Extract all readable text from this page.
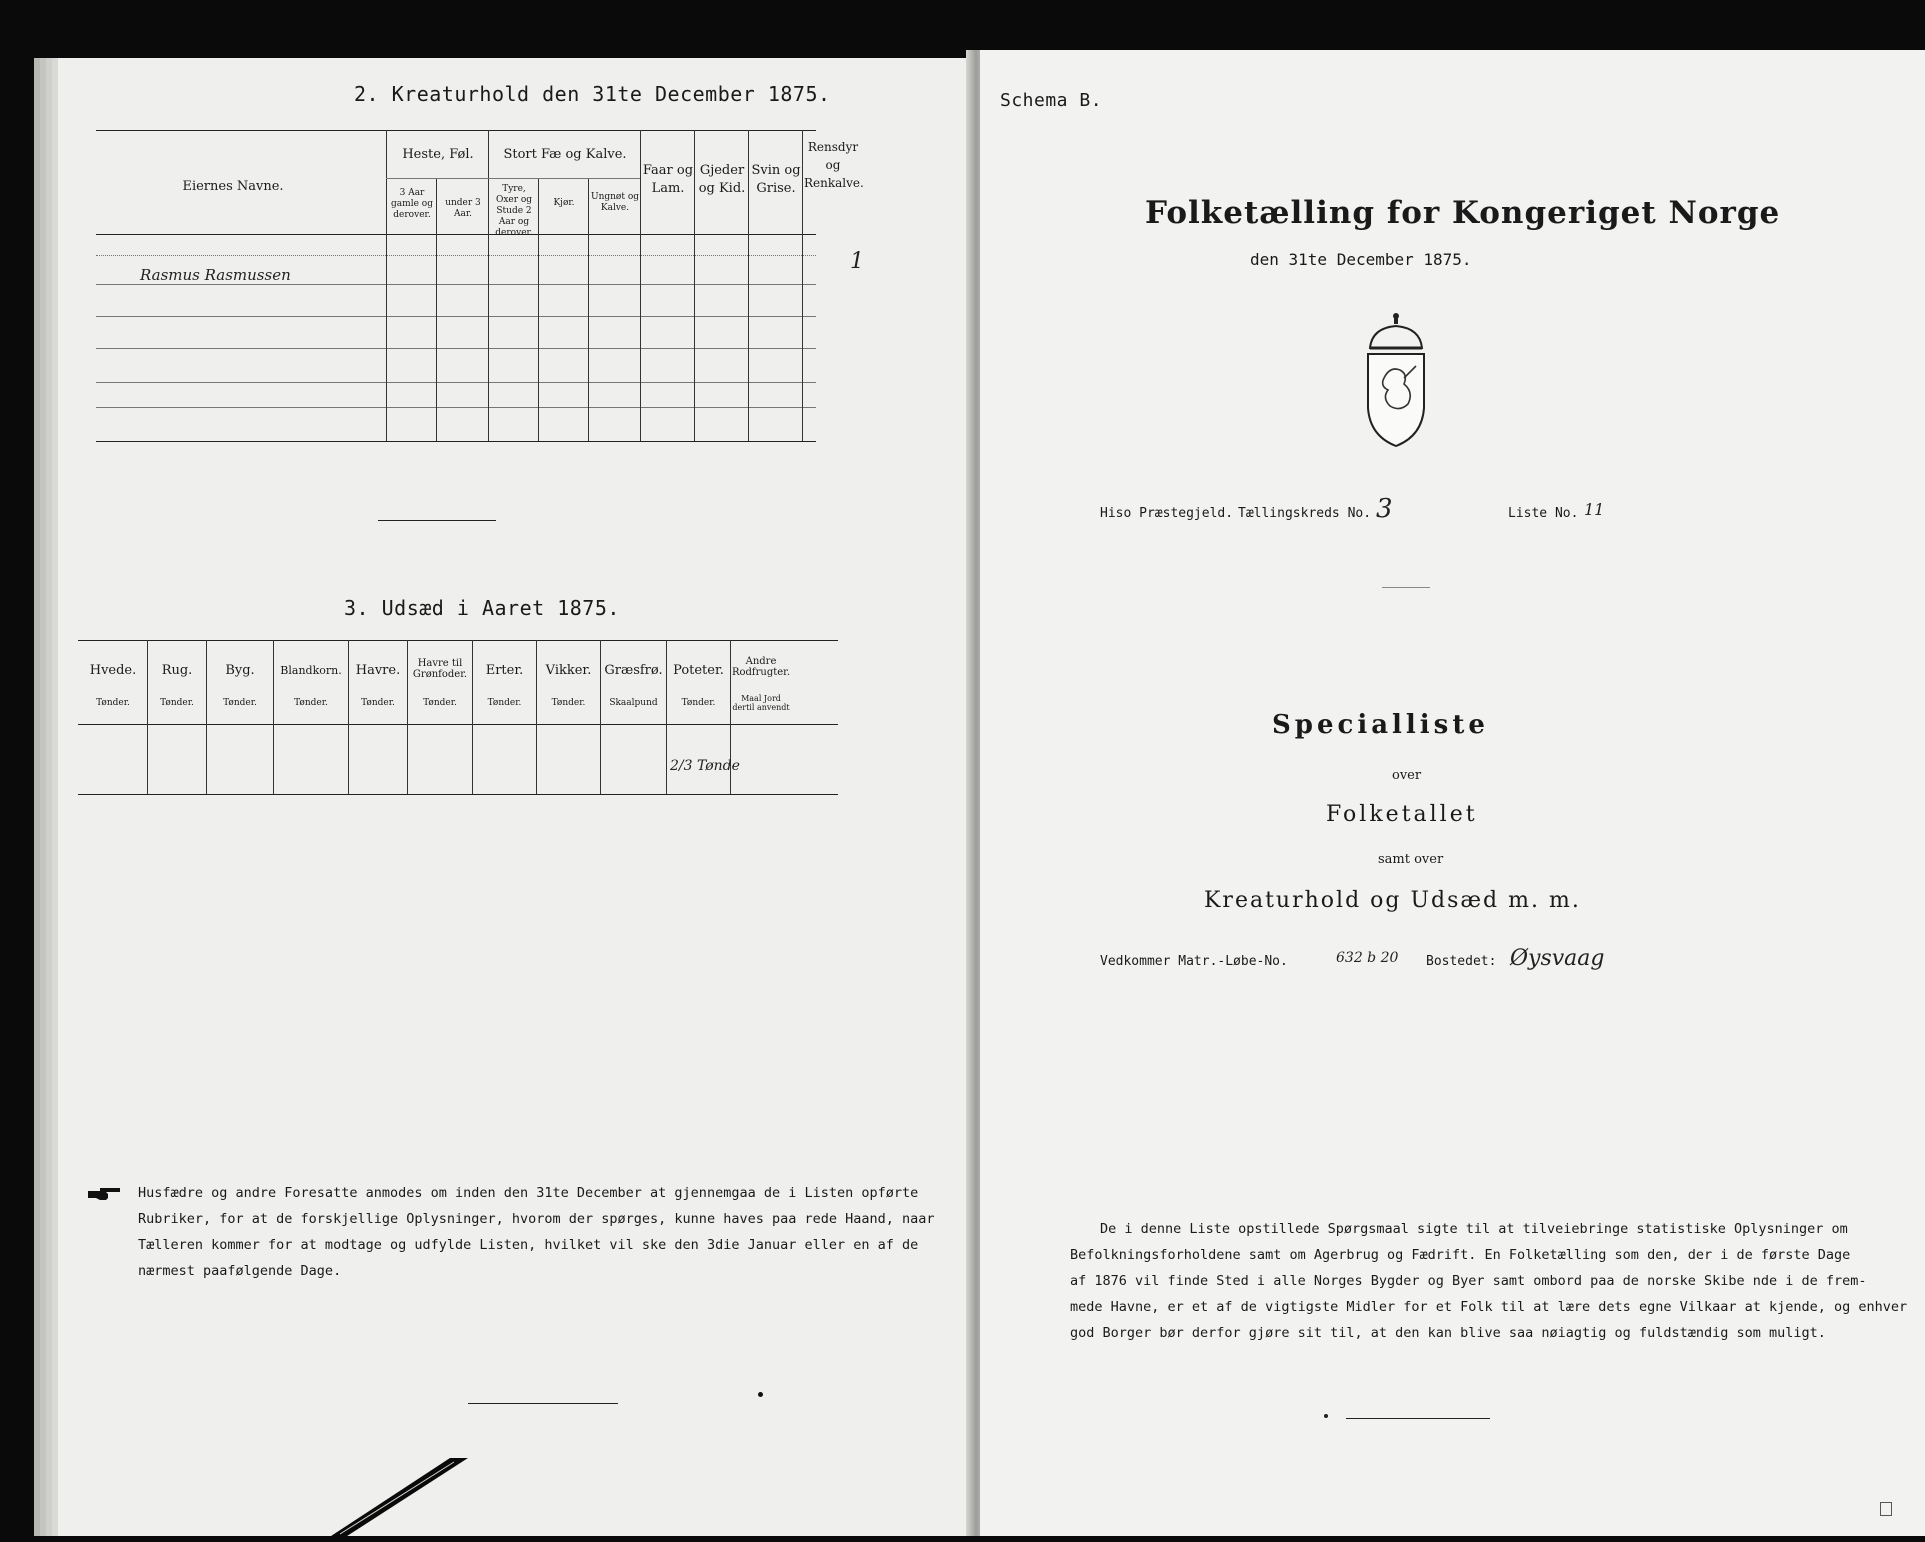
2. Kreaturhold den 31te December 1875.
Eiernes Navne.
Heste, Føl.
3 Aar gamle og derover.
under 3 Aar.
Stort Fæ og Kalve.
Tyre, Oxer og Stude 2 Aar og derover.
Kjør.
Ungnøt og Kalve.
Faar og Lam.
Gjeder og Kid.
Svin og Grise.
Rensdyr og Renkalve.
Rasmus Rasmussen
1
3. Udsæd i Aaret 1875.
Hvede.
Tønder.
Rug.
Tønder.
Byg.
Tønder.
Blandkorn.
Tønder.
Havre.
Tønder.
Havre til Grønfoder.
Tønder.
Erter.
Tønder.
Vikker.
Tønder.
Græsfrø.
Skaalpund
Poteter.
Tønder.
Andre Rodfrugter.
Maal Jord dertil anvendt
2/3 Tønde
Husfædre og andre Foresatte anmodes om inden den 31te December at gjennemgaa de i Listen opførte
Rubriker, for at de forskjellige Oplysninger, hvorom der spørges, kunne haves paa rede Haand, naar
Tælleren kommer for at modtage og udfylde Listen, hvilket vil ske den 3die Januar eller en af de
nærmest paafølgende Dage.
Schema B.
Folketælling for Kongeriget Norge
den 31te December 1875.
Hiso Præstegjeld. Tællingskreds No. 3	Liste No. 11
Specialliste
over
Folketallet
samt over
Kreaturhold og Udsæd m. m.
Vedkommer Matr.-Løbe-No.	632 b 20 Bostedet: Øysvaag
De i denne Liste opstillede Spørgsmaal sigte til at tilveiebringe statistiske Oplysninger om
Befolkningsforholdene samt om Agerbrug og Fædrift. En Folketælling som den, der i de første Dage
af 1876 vil finde Sted i alle Norges Bygder og Byer samt ombord paa de norske Skibe nde i de frem-
mede Havne, er et af de vigtigste Midler for et Folk til at lære dets egne Vilkaar at kjende, og enhver
god Borger bør derfor gjøre sit til, at den kan blive saa nøiagtig og fuldstændig som muligt.
